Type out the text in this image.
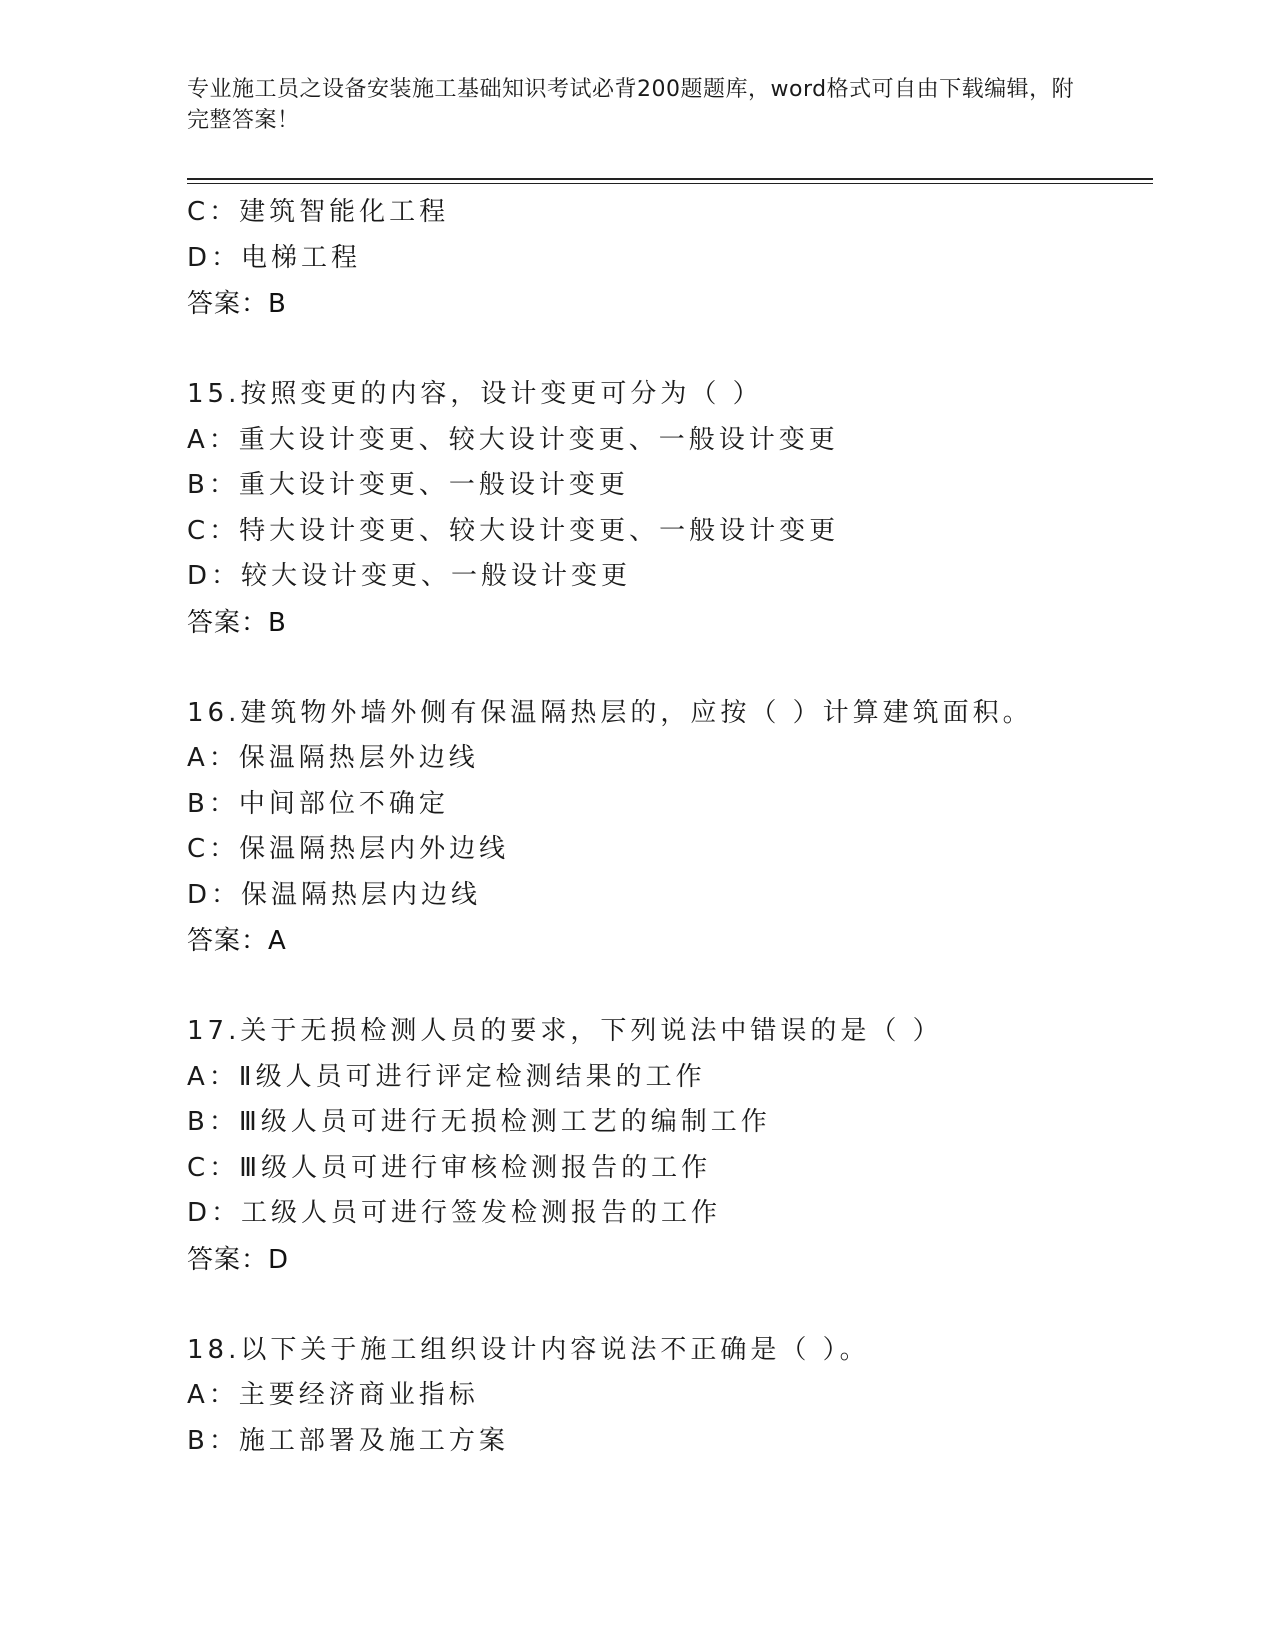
专业施工员之设备安装施工基础知识考试必背200题题库，word格式可自由下载编辑，附完整答案！
C：建筑智能化工程
D：电梯工程
答案：B
15.按照变更的内容，设计变更可分为（ ）
A：重大设计变更、较大设计变更、一般设计变更
B：重大设计变更、一般设计变更
C：特大设计变更、较大设计变更、一般设计变更
D：较大设计变更、一般设计变更
答案：B
16.建筑物外墙外侧有保温隔热层的，应按（ ）计算建筑面积。
A：保温隔热层外边线
B：中间部位不确定
C：保温隔热层内外边线
D：保温隔热层内边线
答案：A
17.关于无损检测人员的要求，下列说法中错误的是（ ）
A：Ⅱ级人员可进行评定检测结果的工作
B：Ⅲ级人员可进行无损检测工艺的编制工作
C：Ⅲ级人员可进行审核检测报告的工作
D：工级人员可进行签发检测报告的工作
答案：D
18.以下关于施工组织设计内容说法不正确是（ ）。
A：主要经济商业指标
B：施工部署及施工方案
